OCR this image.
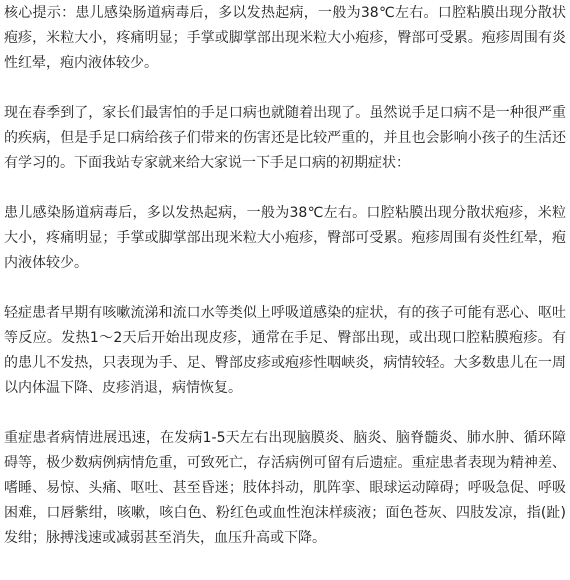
核心提示：患儿感染肠道病毒后，多以发热起病，一般为38℃左右。口腔粘膜出现分散状疱疹，米粒大小，疼痛明显；手掌或脚掌部出现米粒大小疱疹，臀部可受累。疱疹周围有炎性红晕，疱内液体较少。

现在春季到了，家长们最害怕的手足口病也就随着出现了。虽然说手足口病不是一种很严重的疾病，但是手足口病给孩子们带来的伤害还是比较严重的，并且也会影响小孩子的生活还有学习的。下面我站专家就来给大家说一下手足口病的初期症状：

患儿感染肠道病毒后，多以发热起病，一般为38℃左右。口腔粘膜出现分散状疱疹，米粒大小，疼痛明显；手掌或脚掌部出现米粒大小疱疹，臀部可受累。疱疹周围有炎性红晕，疱内液体较少。

轻症患者早期有咳嗽流涕和流口水等类似上呼吸道感染的症状，有的孩子可能有恶心、呕吐等反应。发热1～2天后开始出现皮疹，通常在手足、臀部出现，或出现口腔粘膜疱疹。有的患儿不发热，只表现为手、足、臀部皮疹或疱疹性咽峡炎，病情较轻。大多数患儿在一周以内体温下降、皮疹消退，病情恢复。

重症患者病情进展迅速，在发病1-5天左右出现脑膜炎、脑炎、脑脊髓炎、肺水肿、循环障碍等，极少数病例病情危重，可致死亡，存活病例可留有后遗症。重症患者表现为精神差、嗜睡、易惊、头痛、呕吐、甚至昏迷；肢体抖动，肌阵挛、眼球运动障碍；呼吸急促、呼吸困难，口唇紫绀，咳嗽，咳白色、粉红色或血性泡沫样痰液；面色苍灰、四肢发凉，指(趾)发绀；脉搏浅速或减弱甚至消失，血压升高或下降。
